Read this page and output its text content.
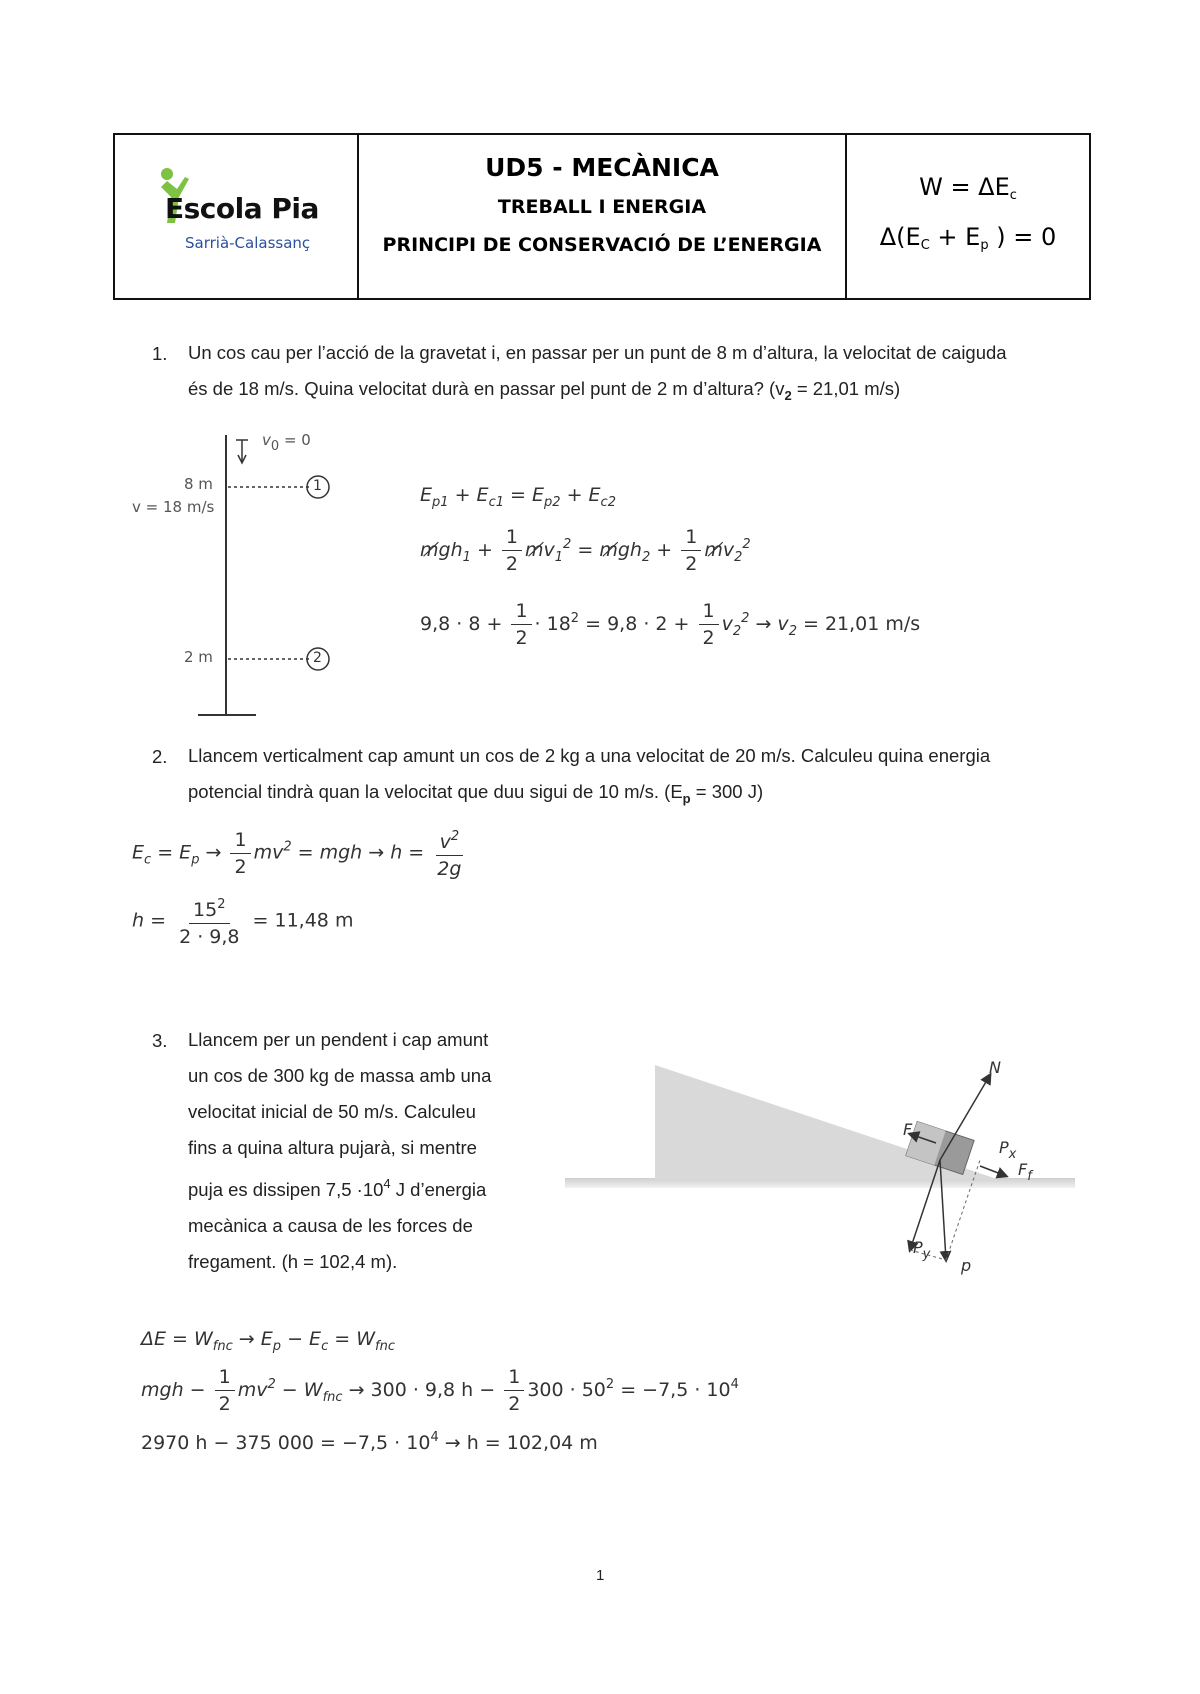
Escola Pia
Sarrià-Calassanç
UD5 - MECÀNICA
TREBALL I ENERGIA
PRINCIPI DE CONSERVACIÓ DE L’ENERGIA
$W = \Delta E_c$
$\Delta(E_C + E_p$ ) = 0
1. Un cos cau per l’acció de la gravetat i, en passar per un punt de 8 m d’altura, la velocitat de caiguda
és de 18 m/s. Quina velocitat durà en passar pel punt de 2 m d’altura? ($v_2 = 21,01$ m/s)
v0 = 0
8 m
v = 18 m/s
2 m
1
2
$E_{p1} + E_{c1} = E_{p2} + E_{c2}$
$m̸gh_1 + \frac{1}{2}$ $m̸v_1^2$ = $m̸gh_2 + \frac{1}{2}$ $m̸v_2^2$
$9,8 \cdot 8 + \frac{1}{2} \cdot 18^2 = 9,8 \cdot 2 + \frac{1}{2} v_2^2 \to v_2 = 21,01$ m/s
2. Llancem verticalment cap amunt un cos de 2 kg a una velocitat de 20 m/s. Calculeu quina energia
potencial tindrà quan la velocitat que duu sigui de 10 m/s. ($E_p = 300$ J)
$E_c = E_p \to \frac{1}{2} mv^2$ = mgh → $h = \frac{v^2}{2g}$
$h = \frac{15^2}{2 \cdot 9,8} = 11,48$ m
3. Llancem per un pendent i cap amunt
un cos de 300 kg de massa amb una
velocitat inicial de 50 m/s. Calculeu
fins a quina altura pujarà, si mentre
puja es dissipen $7,5 \cdot 10^4$ J d’energia
mecànica a causa de les forces de
fregament. (h = 102,4 m).
N
F
$P_x$
$F_f$
$P_y$
p
$\Delta E = W_{fnc} \to E_p - E_c = W_{fnc}$
mgh − $\frac{1}{2} mv^2 - W_{fnc} \to 300 \cdot 9,8$ $h - \frac{1}{2} 300 \cdot 50^2 = -7,5 \cdot 10^4$
2970 h − 375 $000 = -7,5 \cdot 10^4 \to h = 102,04$ m
1
